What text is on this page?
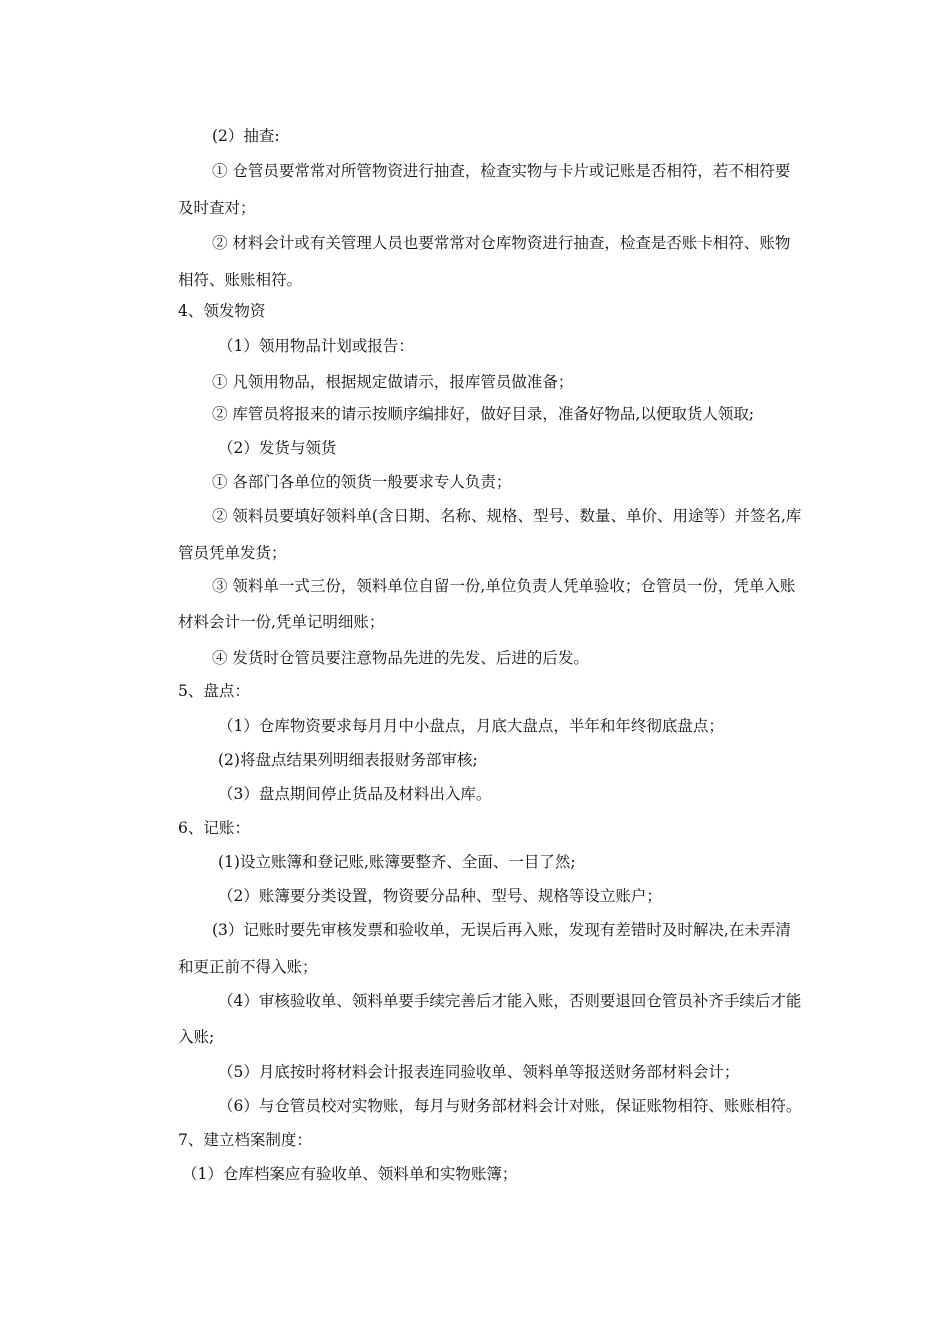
(2）抽查:
① 仓管员要常常对所管物资进行抽查，检查实物与卡片或记账是否相符，若不相符要
及时查对；
② 材料会计或有关管理人员也要常常对仓库物资进行抽查，检查是否账卡相符、账物
相符、账账相符。
4、领发物资
（1）领用物品计划或报告：
① 凡领用物品，根据规定做请示，报库管员做准备；
② 库管员将报来的请示按顺序编排好，做好目录，准备好物品,以便取货人领取;
（2）发货与领货
① 各部门各单位的领货一般要求专人负责；
② 领料员要填好领料单(含日期、名称、规格、型号、数量、单价、用途等）并签名,库
管员凭单发货；
③ 领料单一式三份，领料单位自留一份,单位负责人凭单验收；仓管员一份，凭单入账
材料会计一份,凭单记明细账；
④ 发货时仓管员要注意物品先进的先发、后进的后发。
5、盘点：
（1）仓库物资要求每月月中小盘点，月底大盘点，半年和年终彻底盘点；
(2)将盘点结果列明细表报财务部审核;
（3）盘点期间停止货品及材料出入库。
6、记账：
(1)设立账簿和登记账,账簿要整齐、全面、一目了然;
（2）账簿要分类设置，物资要分品种、型号、规格等设立账户；
(3）记账时要先审核发票和验收单，无误后再入账，发现有差错时及时解决,在未弄清
和更正前不得入账；
（4）审核验收单、领料单要手续完善后才能入账，否则要退回仓管员补齐手续后才能
入账;
（5）月底按时将材料会计报表连同验收单、领料单等报送财务部材料会计；
（6）与仓管员校对实物账，每月与财务部材料会计对账，保证账物相符、账账相符。
7、建立档案制度：
（1）仓库档案应有验收单、领料单和实物账簿；
